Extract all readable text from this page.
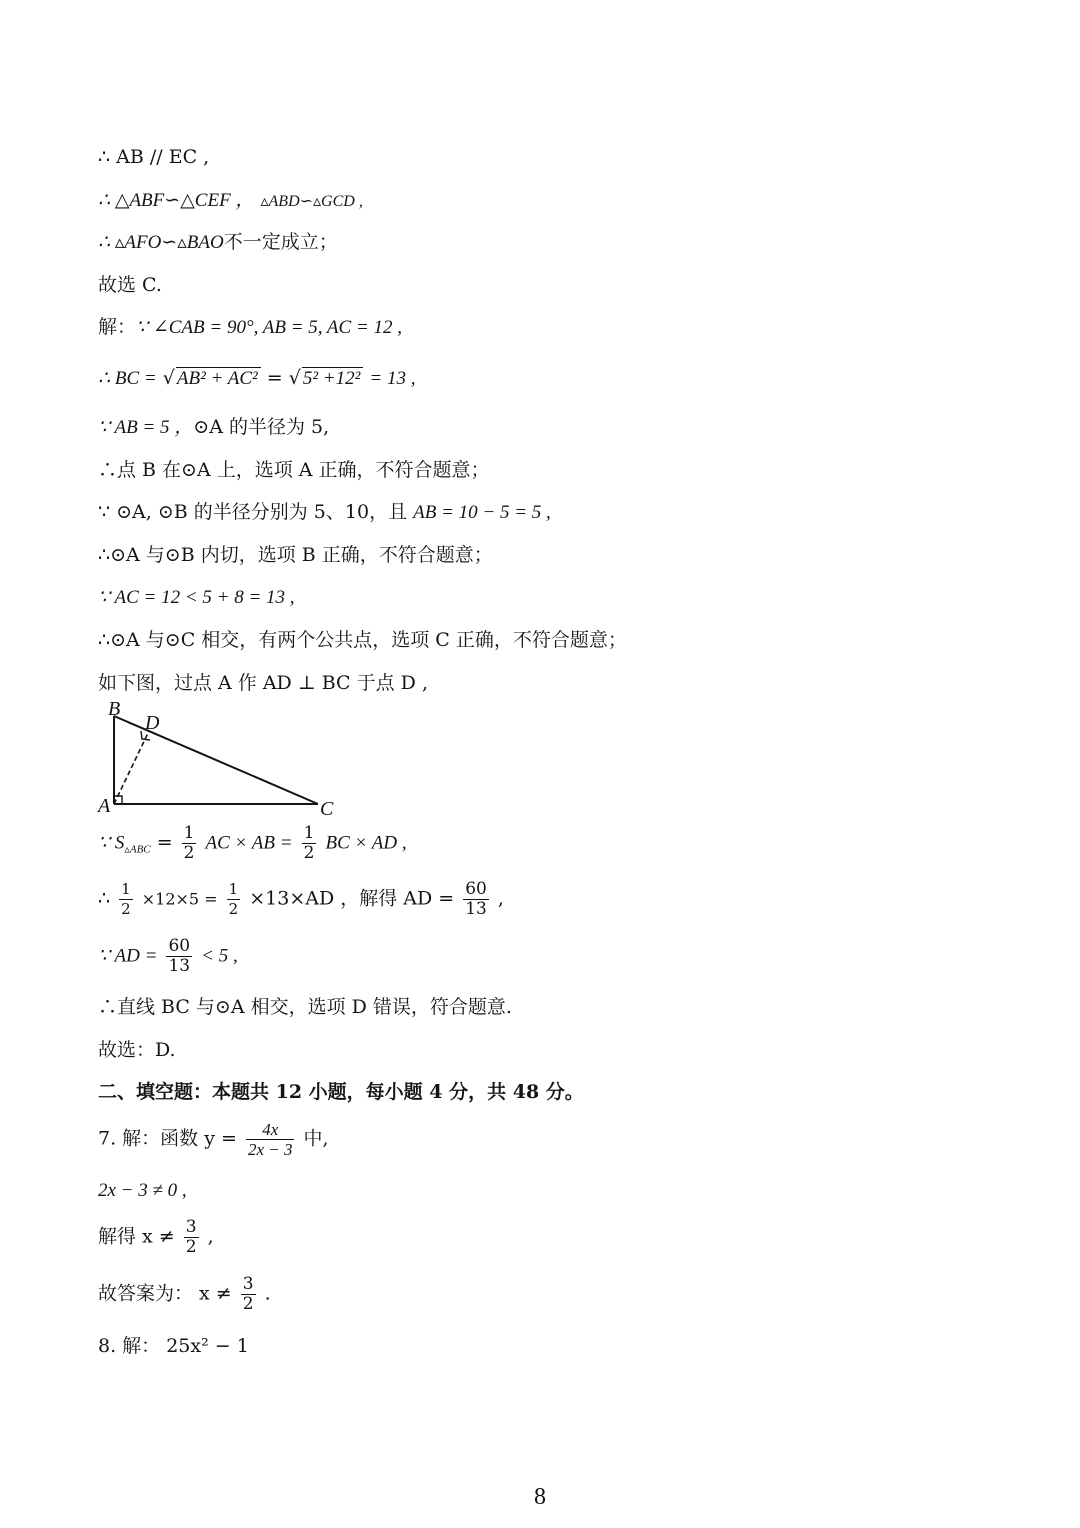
∴ AB // EC ,
∴ △ABF∽△CEF ， ▵ABD∽▵GCD ,
∴ ▵AFO∽▵BAO不一定成立；
故选 C.
解：∵ ∠CAB = 90°, AB = 5, AC = 12 ,
∴ BC = √ AB² + AC² = √ 5² +12² = 13 ,
∵ AB = 5 ，⊙A 的半径为 5,
∴点 B 在⊙A 上，选项 A 正确，不符合题意；
∵ ⊙A, ⊙B 的半径分别为 5、10，且 AB = 10 − 5 = 5 ,
∴⊙A 与⊙B 内切，选项 B 正确，不符合题意；
∵ AC = 12 < 5 + 8 = 13 ,
∴⊙A 与⊙C 相交，有两个公共点，选项 C 正确，不符合题意；
如下图，过点 A 作 AD ⊥ BC 于点 D ,
B
D
A	C
∵ $S_{▵ABC} = \frac{1}{2}$ AC × AB = $\frac{1}{2}$ BC × AD ,
∴ $\frac{1}{2} \times 12\times 5 = \frac{1}{2} \times 13\times AD$ ，解得 AD = $\frac{60}{13}$ ,
∵ AD = $\frac{60}{13} < 5$ ,
∴直线 BC 与⊙A 相交，选项 D 错误，符合题意.
故选：D.
二、填空题：本题共 12 小题，每小题 4 分，共 48 分。
7. 解：函数 $y = \frac{4x}{2x - 3}$ 中,
2x − 3 ≠ 0 ,
解得 $x \ne \frac{3}{2}$ ,
故答案为： $x \ne \frac{3}{2}$ .
8. 解： 25x² − 1
8
